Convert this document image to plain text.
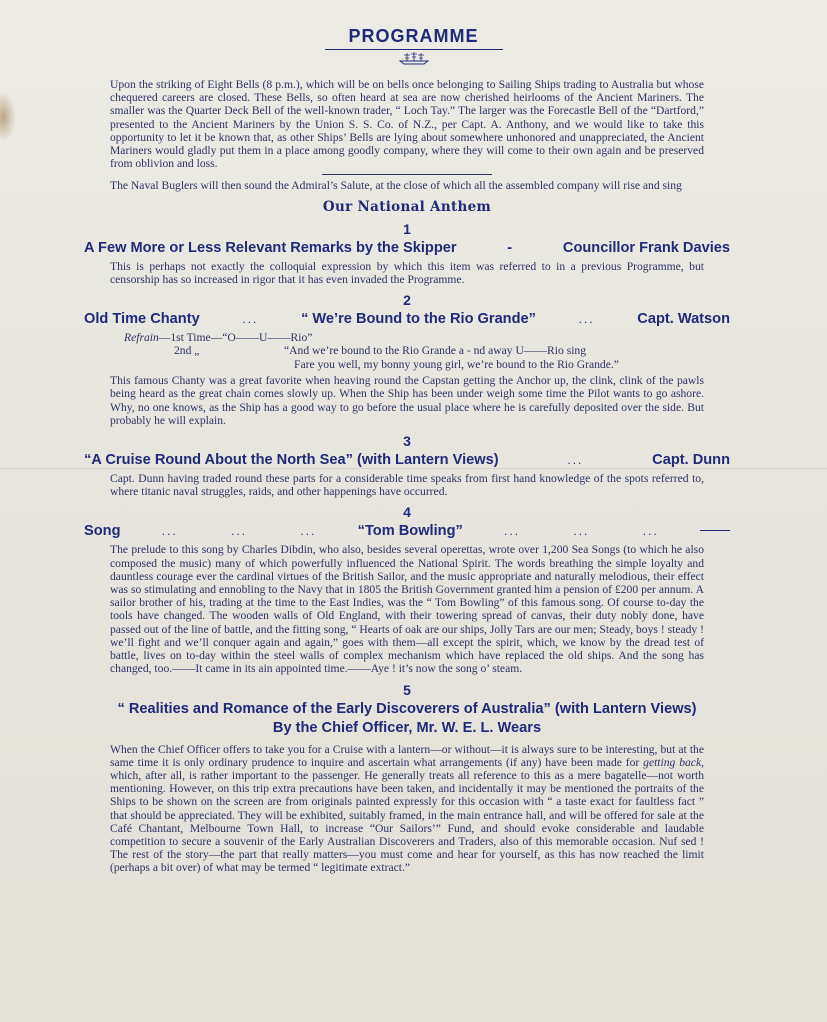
PROGRAMME

Upon the striking of Eight Bells (8 p.m.), which will be on bells once belonging to Sailing Ships trading to Australia but whose chequered careers are closed. These Bells, so often heard at sea are now cherished heirlooms of the Ancient Mariners. The smaller was the Quarter Deck Bell of the well-known trader, “ Loch Tay.” The larger was the Forecastle Bell of the “Dartford,” presented to the Ancient Mariners by the Union S. S. Co. of N.Z., per Capt. A. Anthony, and we would like to take this opportunity to let it be known that, as other Ships’ Bells are lying about somewhere unhonored and unappreciated, the Ancient Mariners would gladly put them in a place among goodly company, where they will come to their own again and be preserved from oblivion and loss.

The Naval Buglers will then sound the Admiral’s Salute, at the close of which all the assembled company will rise and sing

Our National Anthem
1
A Few More or Less Relevant Remarks by the Skipper	-	Councillor Frank Davies

This is perhaps not exactly the colloquial expression by which this item was referred to in a previous Programme, but censorship has so increased in rigor that it has even invaded the Programme.

2
Old Time Chanty	...	“ We’re Bound to the Rio Grande”	...	Capt. Watson
Refrain—1st Time— “O——U——Rio”
2nd „	“And we’re bound to the Rio Grande a - nd away U——Rio sing
Fare you well, my bonny young girl, we’re bound to the Rio Grande.”

This famous Chanty was a great favorite when heaving round the Capstan getting the Anchor up, the clink, clink of the pawls being heard as the great chain comes slowly up. When the Ship has been under weigh some time the Pilot wants to go ashore. Why, no one knows, as the Ship has a good way to go before the usual place where he is carefully deposited over the side. But probably he will explain.

3
“A Cruise Round About the North Sea” (with Lantern Views)	...	Capt. Dunn

Capt. Dunn having traded round these parts for a considerable time speaks from first hand knowledge of the spots referred to, where titanic naval struggles, raids, and other happenings have occurred.

4
Song	...          ...          ...	“Tom Bowling”	...          ...          ...

The prelude to this song by Charles Dibdin, who also, besides several operettas, wrote over 1,200 Sea Songs (to which he also composed the music) many of which powerfully influenced the National Spirit. The words breathing the simple loyalty and dauntless courage ever the cardinal virtues of the British Sailor, and the music appropriate and naturally melodious, their effect was so stimulating and ennobling to the Navy that in 1805 the British Government granted him a pension of £200 per annum. A sailor brother of his, trading at the time to the East Indies, was the “ Tom Bowling” of this famous song. Of course to-day the tools have changed. The wooden walls of Old England, with their towering spread of canvas, their duty nobly done, have passed out of the line of battle, and the fitting song, “ Hearts of oak are our ships, Jolly Tars are our men; Steady, boys ! steady ! we’ll fight and we’ll conquer again and again,” goes with them—all except the spirit, which, we know by the dread test of battle, lives on to-day within the steel walls of complex mechanism which have replaced the old ships. And the song has changed, too.——It came in its ain appointed time.——Aye ! it’s now the song o’ steam.

5
“ Realities and Romance of the Early Discoverers of Australia” (with Lantern Views)
By the Chief Officer, Mr. W. E. L. Wears

When the Chief Officer offers to take you for a Cruise with a lantern—or without—it is always sure to be interesting, but at the same time it is only ordinary prudence to inquire and ascertain what arrangements (if any) have been made for getting back, which, after all, is rather important to the passenger. He generally treats all reference to this as a mere bagatelle—not worth mentioning. However, on this trip extra precautions have been taken, and incidentally it may be mentioned the portraits of the Ships to be shown on the screen are from originals painted expressly for this occasion with “ a taste exact for faultless fact ” that should be appreciated. They will be exhibited, suitably framed, in the main entrance hall, and will be offered for sale at the Café Chantant, Melbourne Town Hall, to increase “Our Sailors’” Fund, and should evoke considerable and laudable competition to secure a souvenir of the Early Australian Discoverers and Traders, also of this memorable occasion. Nuf sed ! The rest of the story—the part that really matters—you must come and hear for yourself, as this has now reached the limit (perhaps a bit over) of what may be termed “ legitimate extract.”
